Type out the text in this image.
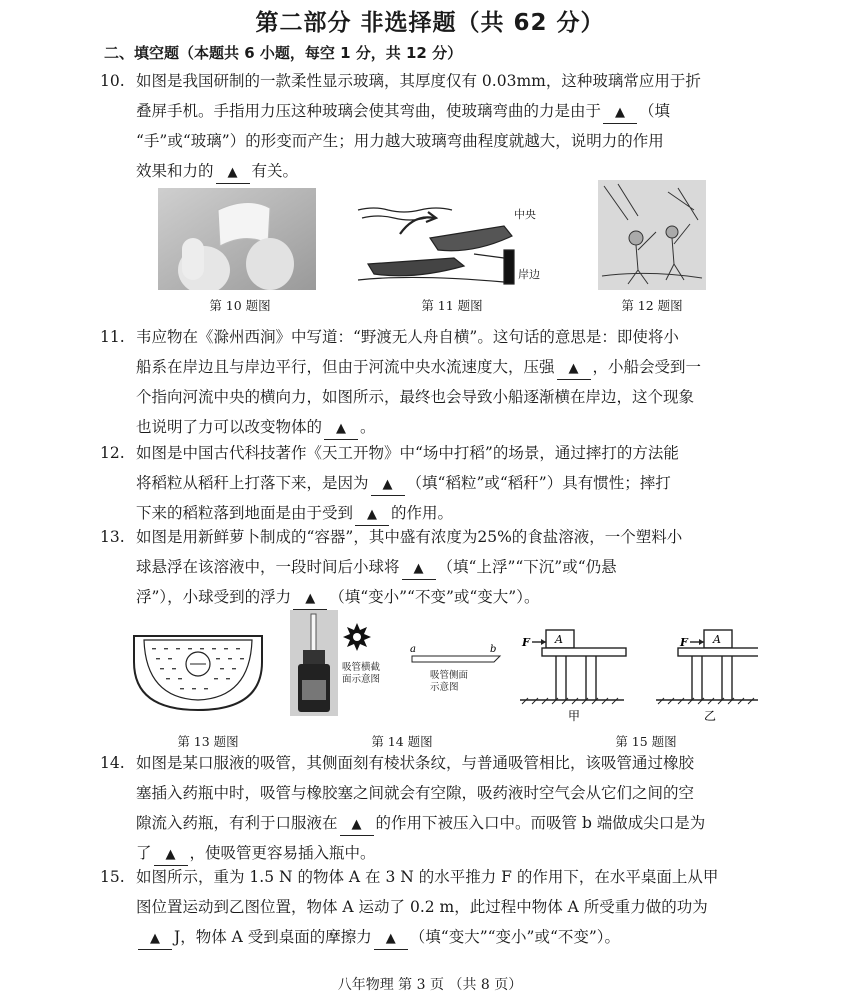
第二部分 非选择题（共 62 分）
二、填空题（本题共 6 小题，每空 1 分，共 12 分）
10. 如图是我国研制的一款柔性显示玻璃，其厚度仅有 0.03mm，这种玻璃常应用于折
叠屏手机。手指用力压这种玻璃会使其弯曲，使玻璃弯曲的力是由于 ▲ （填
“手”或“玻璃”）的形变而产生；用力越大玻璃弯曲程度就越大，说明力的作用
效果和力的 ▲ 有关。
第 10 题图
中央
岸边
第 11 题图	第 12 题图
11. 韦应物在《滁州西涧》中写道：“野渡无人舟自横”。这句话的意思是：即使将小
船系在岸边且与岸边平行，但由于河流中央水流速度大，压强 ▲ ，小船会受到一
个指向河流中央的横向力，如图所示，最终也会导致小船逐渐横在岸边，这个现象
也说明了力可以改变物体的 ▲ 。
12. 如图是中国古代科技著作《天工开物》中“场中打稻”的场景，通过摔打的方法能
将稻粒从稻秆上打落下来，是因为 ▲ （填“稻粒”或“稻秆”）具有惯性；摔打
下来的稻粒落到地面是由于受到 ▲ 的作用。
13. 如图是用新鲜萝卜制成的“容器”，其中盛有浓度为25%的食盐溶液，一个塑料小
球悬浮在该溶液中，一段时间后小球将 ▲ （填“上浮”“下沉”或“仍悬
浮”），小球受到的浮力 ▲ （填“变小”“不变”或“变大”）。
第 13 题图
吸管横截
面示意图
a	b
吸管侧面
示意图
第 14 题图
F	F
A	A
甲	乙
第 15 题图
14. 如图是某口服液的吸管，其侧面刻有棱状条纹，与普通吸管相比，该吸管通过橡胶
塞插入药瓶中时，吸管与橡胶塞之间就会有空隙，吸药液时空气会从它们之间的空
隙流入药瓶，有利于口服液在 ▲ 的作用下被压入口中。而吸管 b 端做成尖口是为
了 ▲ ，使吸管更容易插入瓶中。
15. 如图所示，重为 1.5 N 的物体 A 在 3 N 的水平推力 F 的作用下，在水平桌面上从甲
图位置运动到乙图位置，物体 A 运动了 0.2 m，此过程中物体 A 所受重力做的功为
▲ J，物体 A 受到桌面的摩擦力 ▲ （填“变大”“变小”或“不变”）。
八年物理 第 3 页 （共 8 页）
